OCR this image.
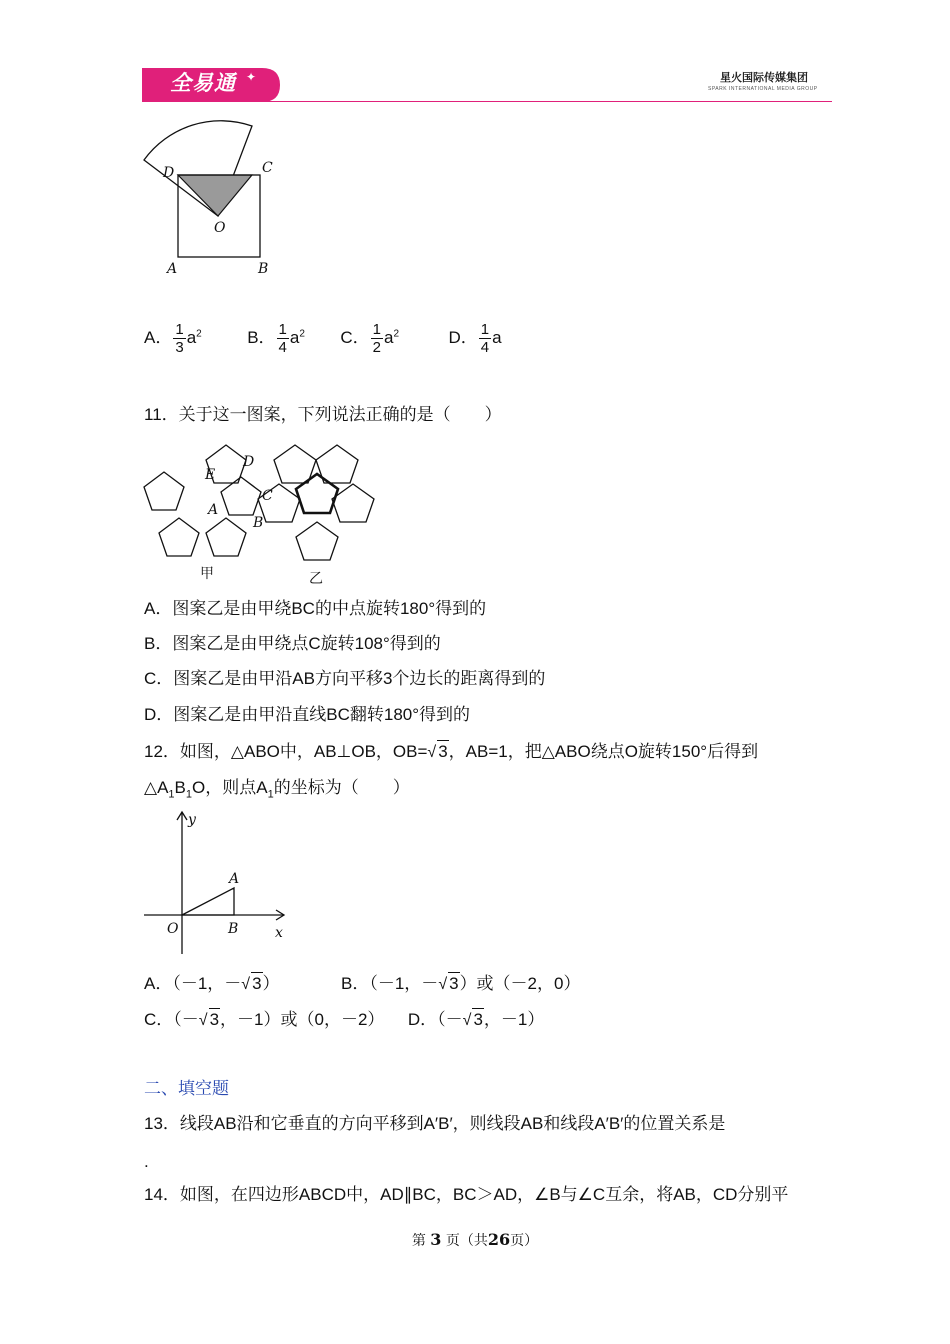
全易通 ✦	星火国际传媒集团
SPARK INTERNATIONAL MEDIA GROUP
D	C
O
A	B
A． $\frac{1}{3} a^2$	B． $\frac{1}{4} a^2$ C． $\frac{1}{2} a^2$	D． $\frac{1}{4}$ a
11．关于这一图案，下列说法正确的是（　　）
E
D
C
A
B
甲	乙
A．图案乙是由甲绕BC的中点旋转180°得到的
B．图案乙是由甲绕点C旋转108°得到的
C．图案乙是由甲沿AB方向平移3个边长的距离得到的
D．图案乙是由甲沿直线BC翻转180°得到的
12．如图，△ABO中，AB⊥OB，OB=√ 3，AB=1，把△ABO绕点O旋转150°后得到
$\triangle A_1B_1O$，则点$A_1$的坐标为（　　）
y
x
O
A
B
A．（－1，－√ 3）	B．（－1，－√ 3）或（－2，0）
C．（－√ 3，－1）或（0，－2） D．（－√ 3，－1）
二、填空题
13．线段AB沿和它垂直的方向平移到A′B′，则线段AB和线段A′B′的位置关系是
.
14．如图，在四边形ABCD中，AD∥BC，BC＞AD，∠B与∠C互余，将AB，CD分别平
第 3 页（共26页）
